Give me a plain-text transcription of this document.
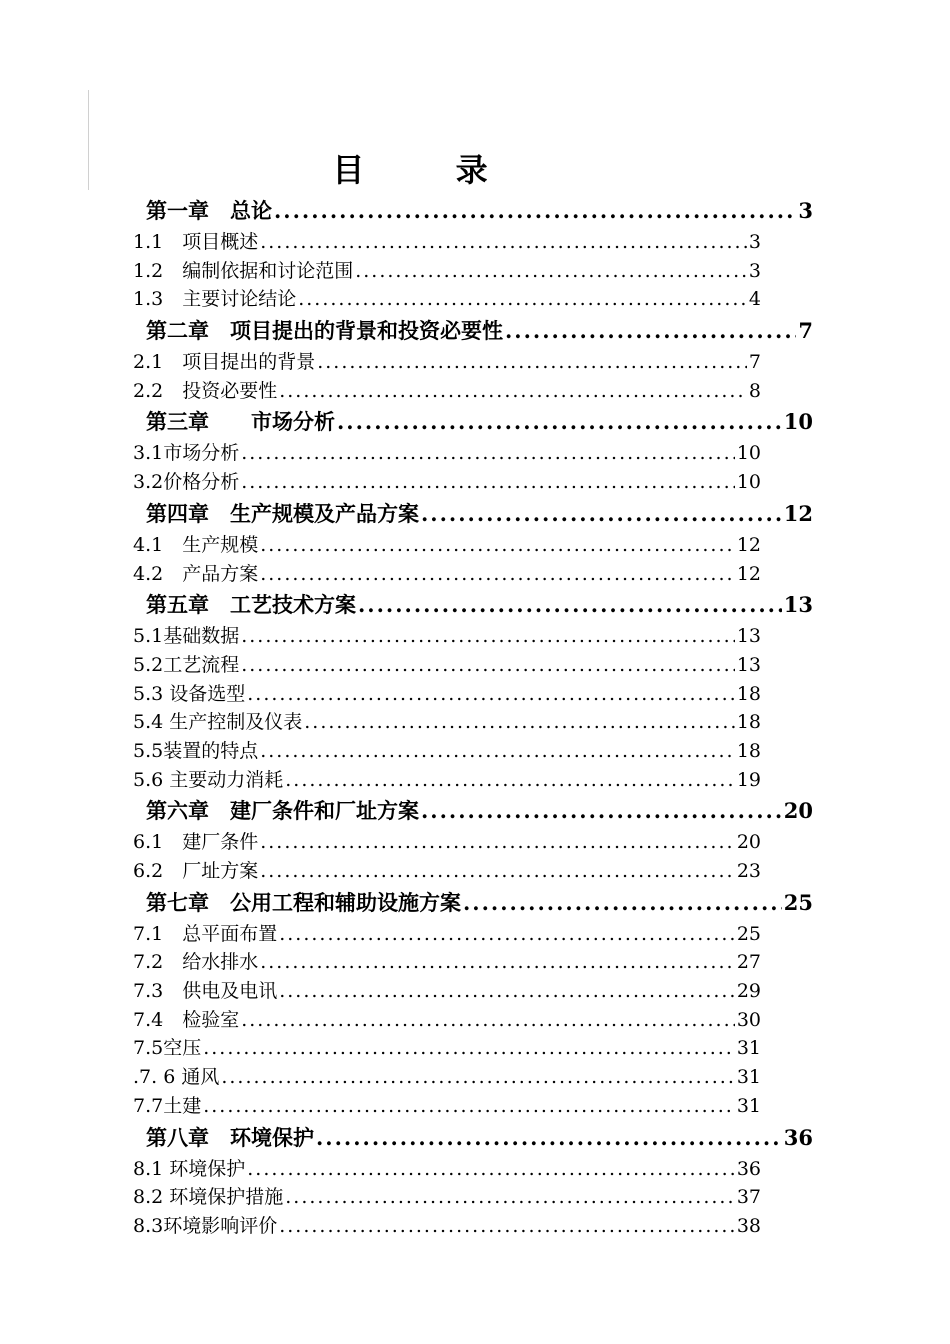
目 录
第一章　总论 .....	3
1.1　项目概述 .....	3
1.2　编制依据和讨论范围 .....	3
1.3　主要讨论结论 .....	4
第二章　项目提出的背景和投资必要性 .....	7
2.1　项目提出的背景 .....	7
2.2　投资必要性 .....	8
第三章　　市场分析 .....	10
3.1市场分析 .....	10
3.2价格分析 .....	10
第四章　生产规模及产品方案 .....	12
4.1　生产规模 .....	12
4.2　产品方案 .....	12
第五章　工艺技术方案 .....	13
5.1基础数据 .....	13
5.2工艺流程 .....	13
5.3 设备选型 .....	18
5.4 生产控制及仪表 .....	18
5.5装置的特点 .....	18
5.6 主要动力消耗 .....	19
第六章　建厂条件和厂址方案 .....	20
6.1　建厂条件 .....	20
6.2　厂址方案 .....	23
第七章　公用工程和辅助设施方案 .....	25
7.1　总平面布置 .....	25
7.2　给水排水 .....	27
7.3　供电及电讯 .....	29
7.4　检验室 .....	30
7.5空压 .....	31
.7. 6 通风 .....	31
7.7土建 .....	31
第八章　环境保护 .....	36
8.1 环境保护 .....	36
8.2 环境保护措施 .....	37
8.3环境影响评价 .....	38
